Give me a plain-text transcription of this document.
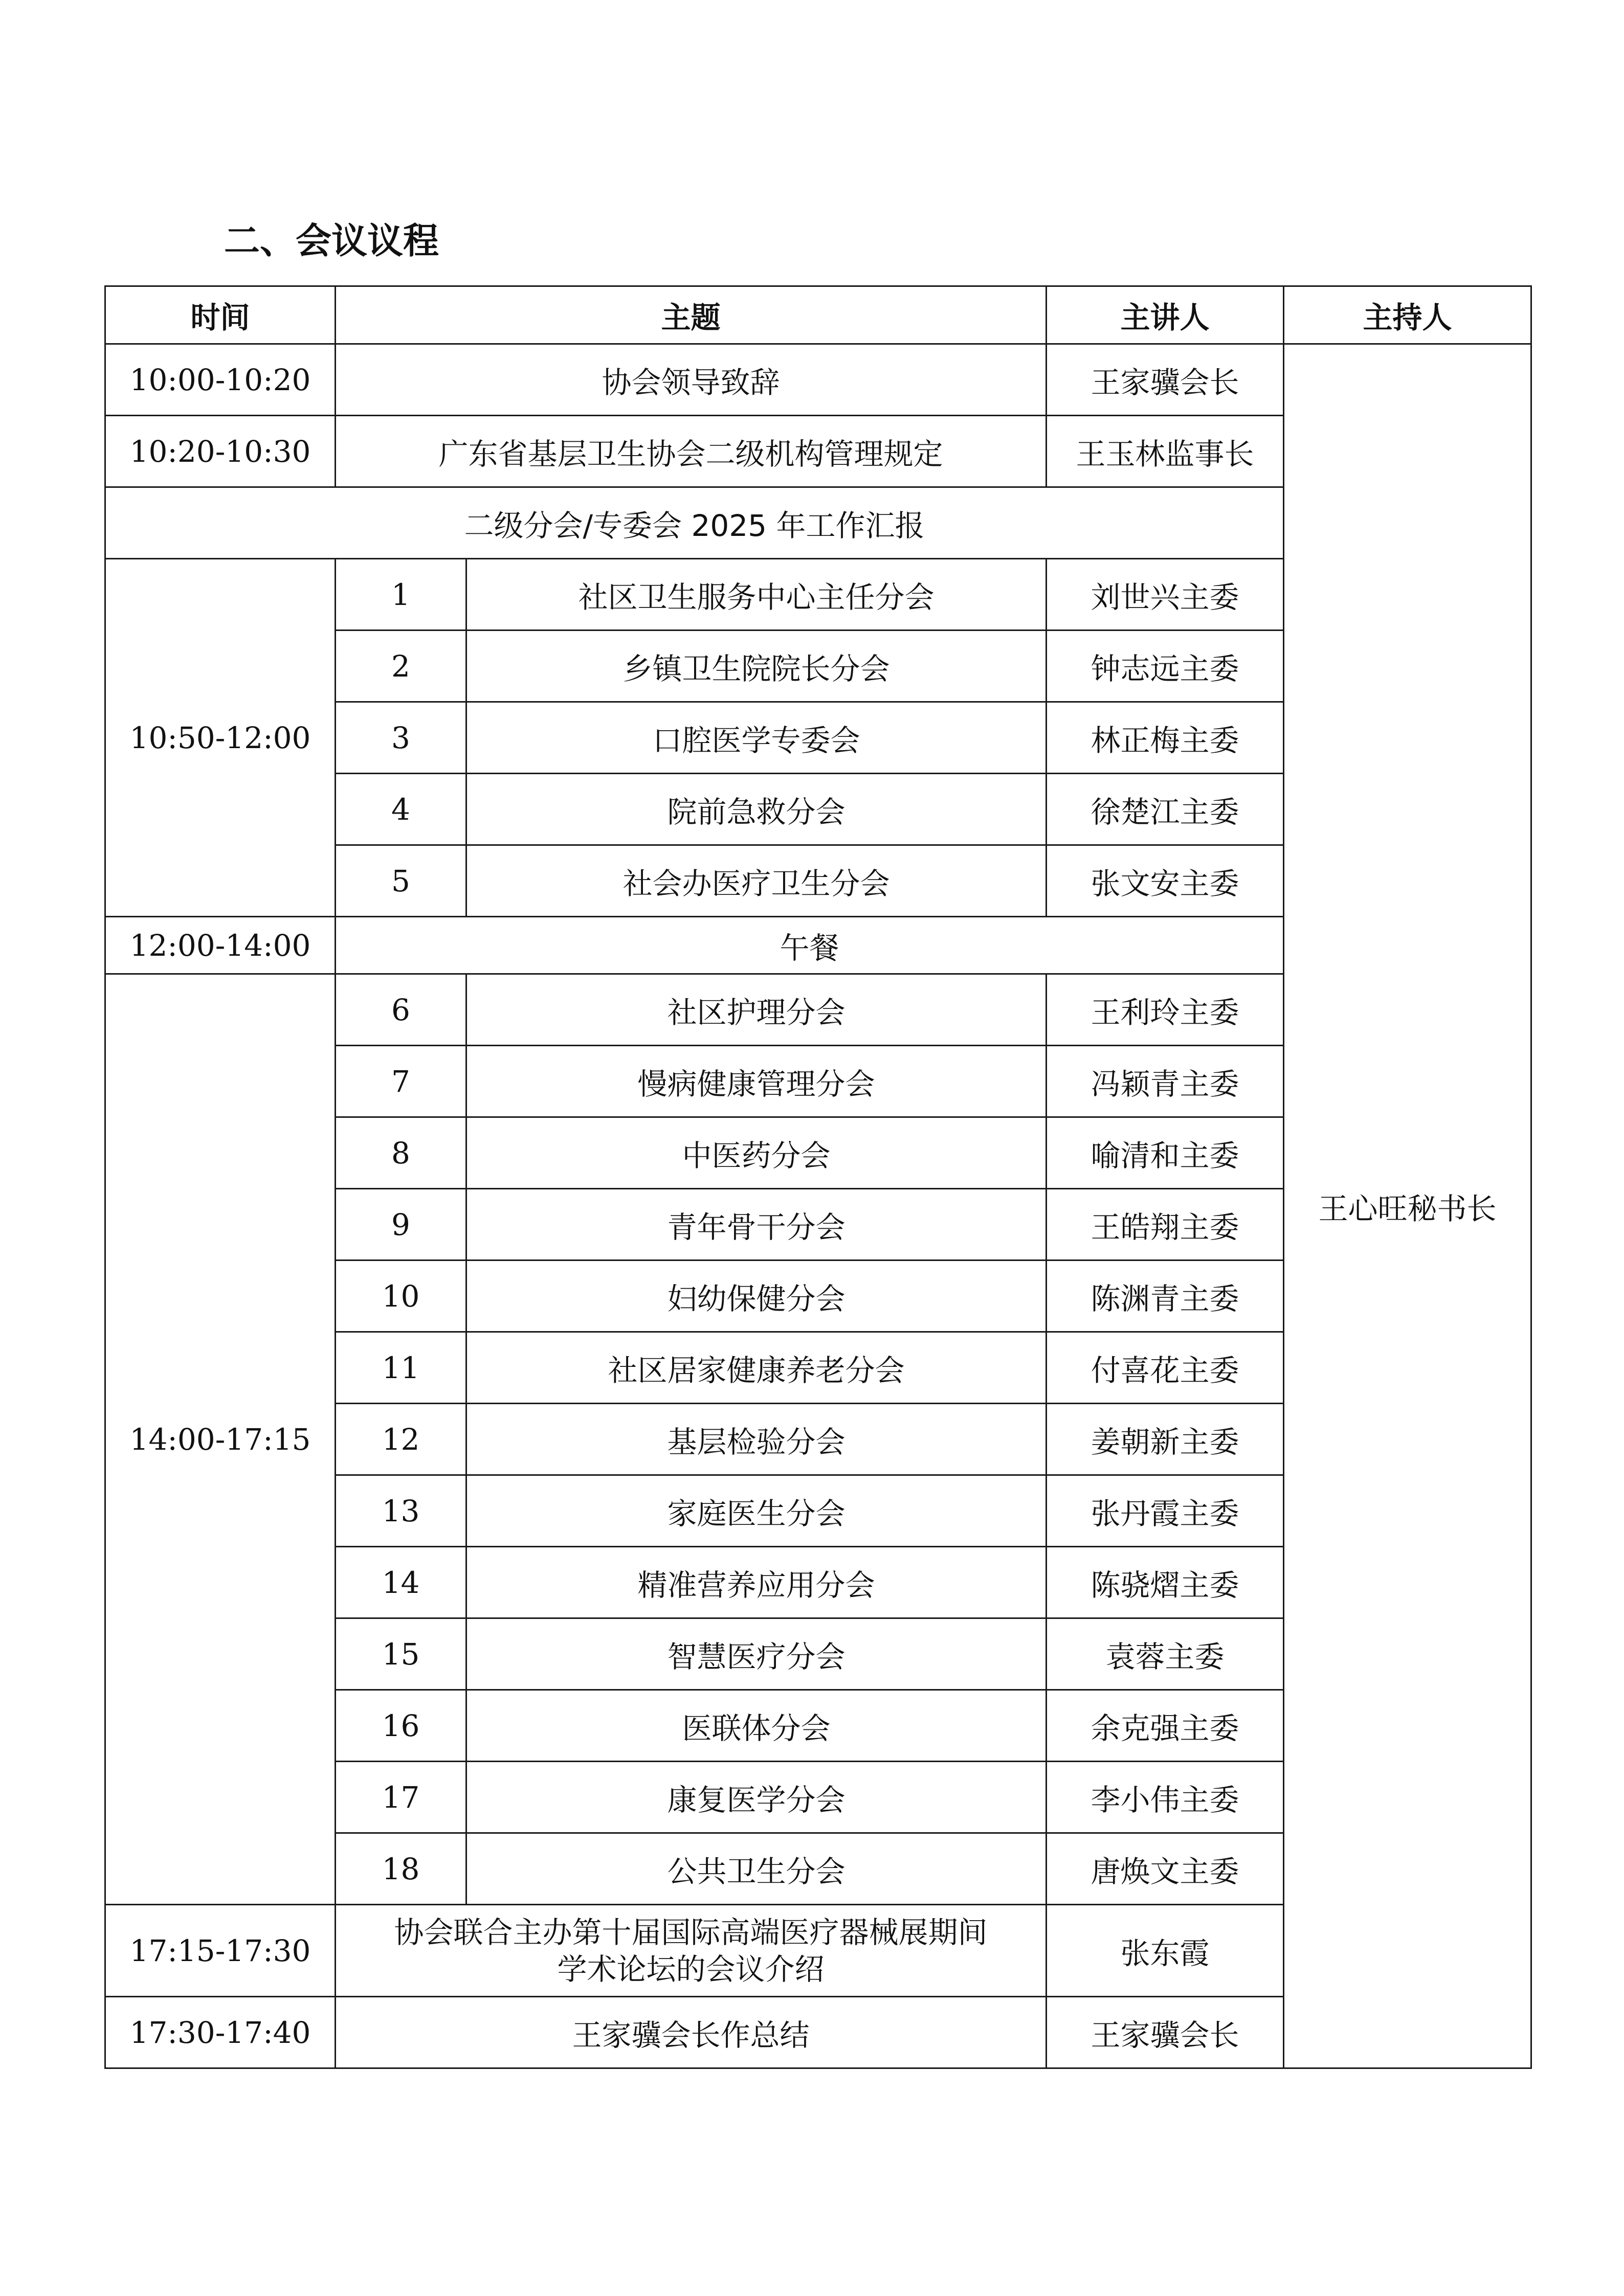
二、会议议程
时间	主题		主讲人	主持人
10:00-10:20	协会领导致辞		王家骥会长	王心旺秘书长
10:20-10:30	广东省基层卫生协会二级机构管理规定		王玉林监事长	
二级分会/专委会 2025 年工作汇报				
10:50-12:00	1	社区卫生服务中心主任分会	刘世兴主委	
	2	乡镇卫生院院长分会	钟志远主委	
	3	口腔医学专委会	林正梅主委	
	4	院前急救分会	徐楚江主委	
	5	社会办医疗卫生分会	张文安主委	
12:00-14:00	午餐			
14:00-17:15	6	社区护理分会	王利玲主委	
	7	慢病健康管理分会	冯颖青主委	
	8	中医药分会	喻清和主委	
	9	青年骨干分会	王皓翔主委	
	10	妇幼保健分会	陈渊青主委	
	11	社区居家健康养老分会	付喜花主委	
	12	基层检验分会	姜朝新主委	
	13	家庭医生分会	张丹霞主委	
	14	精准营养应用分会	陈骁熠主委	
	15	智慧医疗分会	袁蓉主委	
	16	医联体分会	余克强主委	
	17	康复医学分会	李小伟主委	
	18	公共卫生分会	唐焕文主委	
17:15-17:30	协会联合主办第十届国际高端医疗器械展期间
学术论坛的会议介绍		张东霞	
17:30-17:40	王家骥会长作总结		王家骥会长	
